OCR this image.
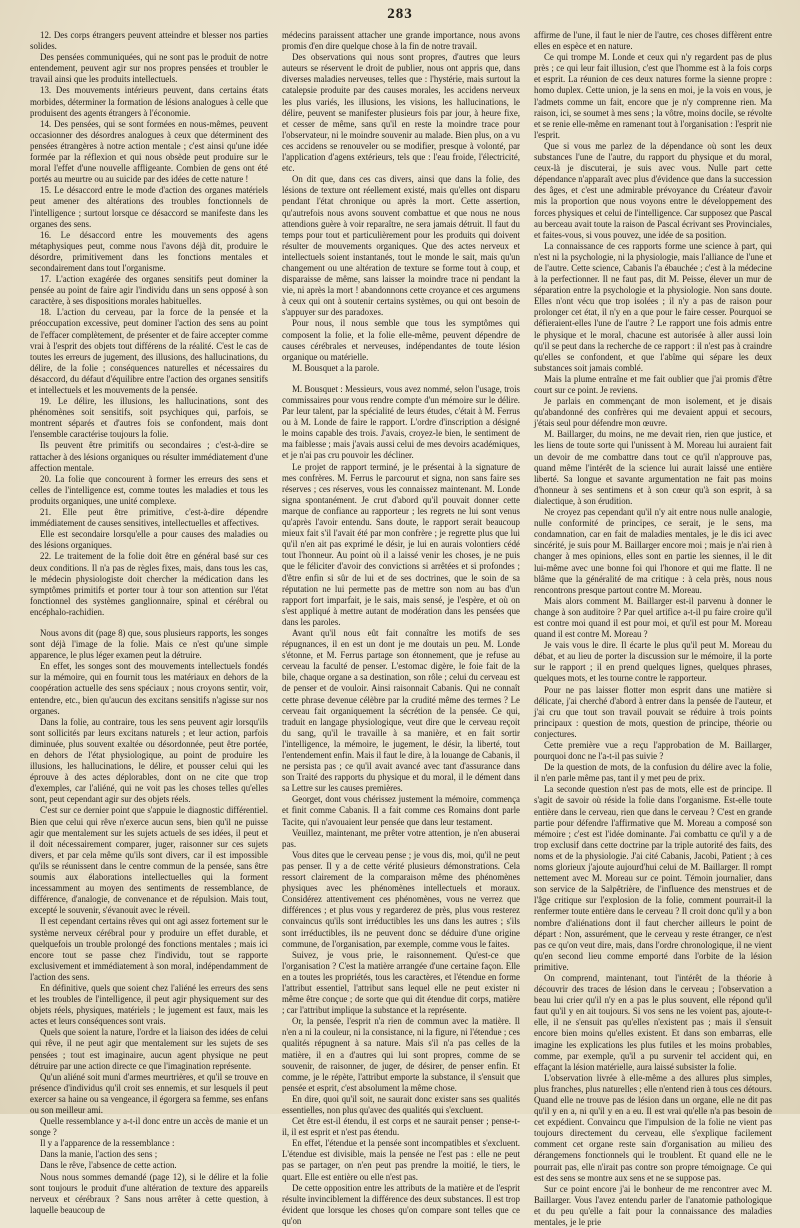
283

12. Des corps étrangers peuvent atteindre et blesser nos parties solides.

Des pensées communiquées, qui ne sont pas le produit de notre entendement, peuvent agir sur nos propres pensées et troubler le travail ainsi que les produits intellectuels.

13. Des mouvements intérieurs peuvent, dans certains états morbides, déterminer la formation de lésions analogues à celle que produisent des agents étrangers à l'économie.

14. Des pensées, qui se sont formées en nous-mêmes, peuvent occasionner des désordres analogues à ceux que déterminent des pensées étrangères à notre action mentale ; c'est ainsi qu'une idée formée par la réflexion et qui nous obsède peut produire sur le moral l'effet d'une nouvelle affligeante. Combien de gens ont été portés au meurtre ou au suicide par des idées de cette nature !

15. Le désaccord entre le mode d'action des organes matériels peut amener des altérations des troubles fonctionnels de l'intelligence ; surtout lorsque ce désaccord se manifeste dans les organes des sens.

16. Le désaccord entre les mouvements des agens métaphysiques peut, comme nous l'avons déjà dit, produire le désordre, primitivement dans les fonctions mentales et secondairement dans tout l'organisme.

17. L'action exagérée des organes sensitifs peut dominer la pensée au point de faire agir l'individu dans un sens opposé à son caractère, à ses dispositions morales habituelles.

18. L'action du cerveau, par la force de la pensée et la préoccupation excessive, peut dominer l'action des sens au point de l'effacer complètement, de présenter et de faire accepter comme vrai à l'esprit des objets tout différens de la réalité. C'est le cas de toutes les erreurs de jugement, des illusions, des hallucinations, du délire, de la folie ; conséquences naturelles et nécessaires du désaccord, du défaut d'équilibre entre l'action des organes sensitifs et intellectuels et les mouvements de la pensée.

19. Le délire, les illusions, les hallucinations, sont des phénomènes soit sensitifs, soit psychiques qui, parfois, se montrent séparés et d'autres fois se confondent, mais dont l'ensemble caractérise toujours la folie.

Ils peuvent être primitifs ou secondaires ; c'est-à-dire se rattacher à des lésions organiques ou résulter immédiatement d'une affection mentale.

20. La folie que concourent à former les erreurs des sens et celles de l'intelligence est, comme toutes les maladies et tous les produits organiques, une unité complexe.

21. Elle peut être primitive, c'est-à-dire dépendre immédiatement de causes sensitives, intellectuelles et affectives.

Elle est secondaire lorsqu'elle a pour causes des maladies ou des lésions organiques.

22. Le traitement de la folie doit être en général basé sur ces deux conditions. Il n'a pas de règles fixes, mais, dans tous les cas, le médecin physiologiste doit chercher la médication dans les symptômes primitifs et porter tour à tour son attention sur l'état fonctionnel des systèmes ganglionnaire, spinal et cérébral ou encéphalo-rachidien.

Nous avons dit (page 8) que, sous plusieurs rapports, les songes sont déjà l'image de la folie. Mais ce n'est qu'une simple apparence, le plus léger examen peut la détruire.

En effet, les songes sont des mouvements intellectuels fondés sur la mémoire, qui en fournit tous les matériaux en dehors de la coopération actuelle des sens spéciaux ; nous croyons sentir, voir, entendre, etc., bien qu'aucun des excitans sensitifs n'agisse sur nos organes.

Dans la folie, au contraire, tous les sens peuvent agir lorsqu'ils sont sollicités par leurs excitans naturels ; et leur action, parfois diminuée, plus souvent exaltée ou désordonnée, peut être portée, en dehors de l'état physiologique, au point de produire les illusions, les hallucinations, le délire, et pousser celui qui les éprouve à des actes déplorables, dont on ne cite que trop d'exemples, car l'aliéné, qui ne voit pas les choses telles qu'elles sont, peut cependant agir sur des objets réels.

C'est sur ce dernier point que s'appuie le diagnostic différentiel. Bien que celui qui rêve n'exerce aucun sens, bien qu'il ne puisse agir que mentalement sur les sujets actuels de ses idées, il peut et il doit nécessairement comparer, juger, raisonner sur ces sujets divers, et par cela même qu'ils sont divers, car il est impossible qu'ils se réunissent dans le centre commun de la pensée, sans être soumis aux élaborations intellectuelles qui la forment incessamment au moyen des sentiments de ressemblance, de différence, d'analogie, de convenance et de répulsion. Mais tout, excepté le souvenir, s'évanouit avec le réveil.

Il est cependant certains rêves qui ont agi assez fortement sur le système nerveux cérébral pour y produire un effet durable, et quelquefois un trouble prolongé des fonctions mentales ; mais ici encore tout se passe chez l'individu, tout se rapporte exclusivement et immédiatement à son moral, indépendamment de l'action des sens.

En définitive, quels que soient chez l'aliéné les erreurs des sens et les troubles de l'intelligence, il peut agir physiquement sur des objets réels, physiques, matériels ; le jugement est faux, mais les actes et leurs conséquences sont vrais.

Quels que soient la nature, l'ordre et la liaison des idées de celui qui rêve, il ne peut agir que mentalement sur les sujets de ses pensées ; tout est imaginaire, aucun agent physique ne peut détruire par une action directe ce que l'imagination représente.

Qu'un aliéné soit muni d'armes meurtrières, et qu'il se trouve en présence d'individus qu'il croit ses ennemis, et sur lesquels il peut exercer sa haine ou sa vengeance, il égorgera sa femme, ses enfans ou son meilleur ami.

Quelle ressemblance y a-t-il donc entre un accès de manie et un songe ?

Il y a l'apparence de la ressemblance :

Dans la manie, l'action des sens ;

Dans le rêve, l'absence de cette action.

Nous nous sommes demandé (page 12), si le délire et la folie sont toujours le produit d'une altération de texture des appareils nerveux et cérébraux ? Sans nous arrêter à cette question, à laquelle beaucoup de

médecins paraissent attacher une grande importance, nous avons promis d'en dire quelque chose à la fin de notre travail.

Des observations qui nous sont propres, d'autres que leurs auteurs se réservent le droit de publier, nous ont appris que, dans diverses maladies nerveuses, telles que : l'hystérie, mais surtout la catalepsie produite par des causes morales, les accidens nerveux les plus variés, les illusions, les visions, les hallucinations, le délire, peuvent se manifester plusieurs fois par jour, à heure fixe, et cesser de même, sans qu'il en reste la moindre trace pour l'observateur, ni le moindre souvenir au malade. Bien plus, on a vu ces accidens se renouveler ou se modifier, presque à volonté, par l'application d'agens extérieurs, tels que : l'eau froide, l'électricité, etc.

On dit que, dans ces cas divers, ainsi que dans la folie, des lésions de texture ont réellement existé, mais qu'elles ont disparu pendant l'état chronique ou après la mort. Cette assertion, qu'autrefois nous avons souvent combattue et que nous ne nous attendions guère à voir reparaître, ne sera jamais détruit. Il faut du temps pour tout et particulièrement pour les produits qui doivent résulter de mouvements organiques. Que des actes nerveux et intellectuels soient instantanés, tout le monde le sait, mais qu'un changement ou une altération de texture se forme tout à coup, et disparaisse de même, sans laisser la moindre trace ni pendant la vie, ni après la mort ! abandonnons cette croyance et ces argumens à ceux qui ont à soutenir certains systèmes, ou qui ont besoin de s'appuyer sur des paradoxes.

Pour nous, il nous semble que tous les symptômes qui composent la folie, et la folie elle-même, peuvent dépendre de causes cérébrales et nerveuses, indépendantes de toute lésion organique ou matérielle.

M. Bousquet a la parole.

M. Bousquet : Messieurs, vous avez nommé, selon l'usage, trois commissaires pour vous rendre compte d'un mémoire sur le délire. Par leur talent, par la spécialité de leurs études, c'était à M. Ferrus ou à M. Londe de faire le rapport. L'ordre d'inscription a désigné le moins capable des trois. J'avais, croyez-le bien, le sentiment de ma faiblesse ; mais j'avais aussi celui de mes devoirs académiques, et je n'ai pas cru pouvoir les décliner.

Le projet de rapport terminé, je le présentai à la signature de mes confrères. M. Ferrus le parcourut et signa, non sans faire ses réserves ; ces réserves, vous les connaissez maintenant. M. Londe signa spontanément. Je crut d'abord qu'il pouvait donner cette marque de confiance au rapporteur ; les regrets ne lui sont venus qu'après l'avoir entendu. Sans doute, le rapport serait beaucoup mieux fait s'il l'avait été par mon confrère ; je regrette plus que lui qu'il n'en ait pas exprimé le désir, je lui en aurais volontiers cédé tout l'honneur. Au point où il a laissé venir les choses, je ne puis que le féliciter d'avoir des convictions si arrêtées et si profondes ; d'être enfin si sûr de lui et de ses doctrines, que le soin de sa réputation ne lui permette pas de mettre son nom au bas d'un rapport fort imparfait, je le sais, mais sensé, je l'espère, et où on s'est appliqué à mettre autant de modération dans les pensées que dans les paroles.

Avant qu'il nous eût fait connaître les motifs de ses répugnances, il en est un dont je me doutais un peu. M. Londe s'étonne, et M. Ferrus partage son étonnement, que je refuse au cerveau la faculté de penser. L'estomac digère, le foie fait de la bile, chaque organe a sa destination, son rôle ; celui du cerveau est de penser et de vouloir. Ainsi raisonnait Cabanis. Qui ne connaît cette phrase devenue célèbre par la crudité même des termes ? Le cerveau fait organiquement la sécrétion de la pensée. Ce qui, traduit en langage physiologique, veut dire que le cerveau reçoit du sang, qu'il le travaille à sa manière, et en fait sortir l'intelligence, la mémoire, le jugement, le désir, la liberté, tout l'entendement enfin. Mais il faut le dire, à la louange de Cabanis, il ne persista pas ; ce qu'il avait avancé avec tant d'assurance dans son Traité des rapports du physique et du moral, il le dément dans sa Lettre sur les causes premières.

Georget, dont vous chérissez justement la mémoire, commença et finit comme Cabanis. Il a fait comme ces Romains dont parle Tacite, qui n'avouaient leur pensée que dans leur testament.

Veuillez, maintenant, me prêter votre attention, je n'en abuserai pas.

Vous dites que le cerveau pense ; je vous dis, moi, qu'il ne peut pas penser. Il y a de cette vérité plusieurs démonstrations. Cela ressort clairement de la comparaison même des phénomènes physiques avec les phénomènes intellectuels et moraux. Considérez attentivement ces phénomènes, vous ne verrez que différences ; et plus vous y regarderez de près, plus vous resterez convaincus qu'ils sont irréductibles les uns dans les autres ; s'ils sont irréductibles, ils ne peuvent donc se déduire d'une origine commune, de l'organisation, par exemple, comme vous le faites.

Suivez, je vous prie, le raisonnement. Qu'est-ce que l'organisation ? C'est la matière arrangée d'une certaine façon. Elle en a toutes les propriétés, tous les caractères, et l'étendue en forme l'attribut essentiel, l'attribut sans lequel elle ne peut exister ni même être conçue ; de sorte que qui dit étendue dit corps, matière ; car l'attribut implique la substance et la représente.

Or, la pensée, l'esprit n'a rien de commun avec la matière. Il n'en a ni la couleur, ni la consistance, ni la figure, ni l'étendue ; ces qualités répugnent à sa nature. Mais s'il n'a pas celles de la matière, il en a d'autres qui lui sont propres, comme de se souvenir, de raisonner, de juger, de désirer, de penser enfin. Et comme, je le répète, l'attribut emporte la substance, il s'ensuit que pensée et esprit, c'est absolument la même chose.

En dire, quoi qu'il soit, ne saurait donc exister sans ses qualités essentielles, non plus qu'avec des qualités qui s'excluent.

Cet être est-il étendu, il est corps et ne saurait penser ; pense-t-il, il est esprit et n'est pas étendu.

En effet, l'étendue et la pensée sont incompatibles et s'excluent. L'étendue est divisible, mais la pensée ne l'est pas : elle ne peut pas se partager, on n'en peut pas prendre la moitié, le tiers, le quart. Elle est entière ou elle n'est pas.

De cette opposition entre les attributs de la matière et de l'esprit résulte invinciblement la différence des deux substances. Il est trop évident que lorsque les choses qu'on compare sont telles que ce qu'on

affirme de l'une, il faut le nier de l'autre, ces choses diffèrent entre elles en espèce et en nature.

Ce qui trompe M. Londe et ceux qui n'y regardent pas de plus près ; ce qui leur fait illusion, c'est que l'homme est à la fois corps et esprit. La réunion de ces deux natures forme la sienne propre : homo duplex. Cette union, je la sens en moi, je la vois en vous, je l'admets comme un fait, encore que je n'y comprenne rien. Ma raison, ici, se soumet à mes sens ; la vôtre, moins docile, se révolte et se renie elle-même en ramenant tout à l'organisation : l'esprit nie l'esprit.

Que si vous me parlez de la dépendance où sont les deux substances l'une de l'autre, du rapport du physique et du moral, ceux-là je discuterai, je suis avec vous. Nulle part cette dépendance n'apparaît avec plus d'évidence que dans la succession des âges, et c'est une admirable prévoyance du Créateur d'avoir mis la proportion que nous voyons entre le développement des forces physiques et celui de l'intelligence. Car supposez que Pascal au berceau avait toute la raison de Pascal écrivant ses Provinciales, et faites-vous, si vous pouvez, une idée de sa position.

La connaissance de ces rapports forme une science à part, qui n'est ni la psychologie, ni la physiologie, mais l'alliance de l'une et de l'autre. Cette science, Cabanis l'a ébauchée ; c'est à la médecine à la perfectionner. Il ne faut pas, dit M. Peisse, élever un mur de séparation entre la psychologie et la physiologie. Non sans doute. Elles n'ont vécu que trop isolées ; il n'y a pas de raison pour prolonger cet état, il n'y en a que pour le faire cesser. Pourquoi se défieraient-elles l'une de l'autre ? Le rapport une fois admis entre le physique et le moral, chacune est autorisée à aller aussi loin qu'il se peut dans la recherche de ce rapport : il n'est pas à craindre qu'elles se confondent, et que l'abîme qui sépare les deux substances soit jamais comblé.

Mais la plume entraîne et me fait oublier que j'ai promis d'être court sur ce point. Je reviens.

Je parlais en commençant de mon isolement, et je disais qu'abandonné des confrères qui me devaient appui et secours, j'étais seul pour défendre mon œuvre.

M. Baillarger, du moins, ne me devait rien, rien que justice, et les liens de toute sorte qui l'unissent à M. Moreau lui auraient fait un devoir de me combattre dans tout ce qu'il n'approuve pas, quand même l'intérêt de la science lui aurait laissé une entière liberté. Sa longue et savante argumentation ne fait pas moins d'honneur à ses sentimens et à son cœur qu'à son esprit, à sa dialectique, à son érudition.

Ne croyez pas cependant qu'il n'y ait entre nous nulle analogie, nulle conformité de principes, ce serait, je le sens, ma condamnation, car en fait de maladies mentales, je le dis ici avec sincérité, je suis pour M. Baillarger encore moi ; mais je n'ai rien à changer à mes opinions, elles sont en partie les siennes, il le dit lui-même avec une bonne foi qui l'honore et qui me flatte. Il ne blâme que la généralité de ma critique : à cela près, nous nous rencontrons presque partout contre M. Moreau.

Mais alors comment M. Baillarger est-il parvenu à donner le change à son auditoire ? Par quel artifice a-t-il pu faire croire qu'il est contre moi quand il est pour moi, et qu'il est pour M. Moreau quand il est contre M. Moreau ?

Je vais vous le dire. Il écarte le plus qu'il peut M. Moreau du débat, et au lieu de porter la discussion sur le mémoire, il la porte sur le rapport ; il en prend quelques lignes, quelques phrases, quelques mots, et les tourne contre le rapporteur.

Pour ne pas laisser flotter mon esprit dans une matière si délicate, j'ai cherché d'abord à entrer dans la pensée de l'auteur, et j'ai cru que tout son travail pouvait se réduire à trois points principaux : question de mots, question de principe, théorie ou conjectures.

Cette première vue a reçu l'approbation de M. Baillarger, pourquoi donc ne l'a-t-il pas suivie ?

De la question de mots, de la confusion du délire avec la folie, il n'en parle même pas, tant il y met peu de prix.

La seconde question n'est pas de mots, elle est de principe. Il s'agit de savoir où réside la folie dans l'organisme. Est-elle toute entière dans le cerveau, rien que dans le cerveau ? C'est en grande partie pour défendre l'affirmative que M. Moreau a composé son mémoire ; c'est est l'idée dominante. J'ai combattu ce qu'il y a de trop exclusif dans cette doctrine par la triple autorité des faits, des noms et de la physiologie. J'ai cité Cabanis, Jacobi, Patient ; à ces noms glorieux j'ajoute aujourd'hui celui de M. Baillarger. Il rompt nettement avec M. Moreau sur ce point. Témoin journalier, dans son service de la Salpêtrière, de l'influence des menstrues et de l'âge critique sur l'explosion de la folie, comment pourrait-il la renfermer toute entière dans le cerveau ? Il croit donc qu'il y a bon nombre d'aliénations dont il faut chercher ailleurs le point de départ : Non, assurément, que le cerveau y reste étranger, ce n'est pas ce qu'on veut dire, mais, dans l'ordre chronologique, il ne vient qu'en second lieu comme emporté dans l'orbite de la lésion primitive.

On comprend, maintenant, tout l'intérêt de la théorie à découvrir des traces de lésion dans le cerveau ; l'observation a beau lui crier qu'il n'y en a pas le plus souvent, elle répond qu'il faut qu'il y en ait toujours. Si vos sens ne les voient pas, ajoute-t-elle, il ne s'ensuit pas qu'elles n'existent pas ; mais il s'ensuit encore bien moins qu'elles existent. Et dans son embarras, elle imagine les explications les plus futiles et les moins probables, comme, par exemple, qu'il a pu survenir tel accident qui, en effaçant la lésion matérielle, aura laissé subsister la folie.

L'observation livrée à elle-même a des allures plus simples, plus franches, plus naturelles ; elle n'entend rien à tous ces détours. Quand elle ne trouve pas de lésion dans un organe, elle ne dit pas qu'il y en a, ni qu'il y en a eu. Il est vrai qu'elle n'a pas besoin de cet expédient. Convaincu que l'impulsion de la folie ne vient pas toujours directement du cerveau, elle s'explique facilement comment cet organe reste sain d'organisation au milieu des dérangemens fonctionnels qui le troublent. Et quand elle ne le pourrait pas, elle n'irait pas contre son propre témoignage. Ce qui est des sens se montre aux sens et ne se suppose pas.

Sur ce point encore j'ai le bonheur de me rencontrer avec M. Baillarger. Vous l'avez entendu parler de l'anatomie pathologique et du peu qu'elle a fait pour la connaissance des maladies mentales, je le prie
